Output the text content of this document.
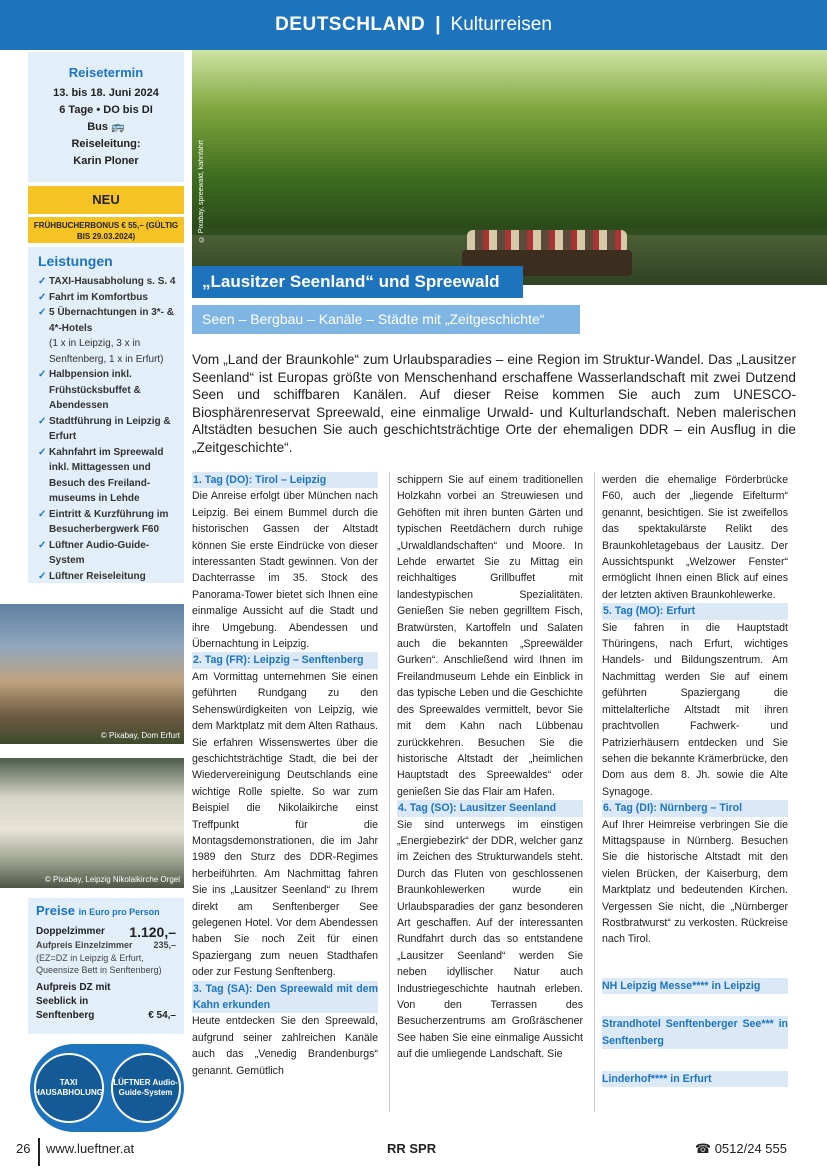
DEUTSCHLAND | Kulturreisen
Reisetermin
13. bis 18. Juni 2024
6 Tage • DO bis DI
Bus 🚌
Reiseleitung:
Karin Ploner
NEU
FRÜHBUCHERBONUS € 55,– (GÜLTIG BIS 29.03.2024)
Leistungen
✓ TAXI-Hausabholung s. S. 4
✓ Fahrt im Komfortbus
✓ 5 Übernachtungen in 3*- & 4*-Hotels
(1 x in Leipzig, 3 x in Senftenberg, 1 x in Erfurt)
✓ Halbpension inkl. Frühstücksbuffet & Abendessen
✓ Stadtführung in Leipzig & Erfurt
✓ Kahnfahrt im Spreewald inkl. Mittagessen und Besuch des Freilandmuseums in Lehde
✓ Eintritt & Kurzführung im Besucherbergwerk F60
✓ Lüftner Audio-Guide-System
✓ Lüftner Reiseleitung
© Pixabay, Dom Erfurt
© Pixabay, Leipzig Nikolaikirche Orgel
Preise in Euro pro Person
Doppelzimmer 1.120,–
Aufpreis Einzelzimmer 235,–
(EZ=DZ in Leipzig & Erfurt, Queensize Bett in Senftenberg)
Aufpreis DZ mit Seeblick in Senftenberg	€ 54,–
TAXI HAUSABHOLUNG
LÜFTNER Audio-Guide-System
© Pixabay, spreewald, kahnfahrt
„Lausitzer Seenland“ und Spreewald
Seen – Bergbau – Kanäle – Städte mit „Zeitgeschichte“

Vom „Land der Braunkohle“ zum Urlaubsparadies – eine Region im Struktur-Wandel. Das „Lausitzer Seenland“ ist Europas größte von Menschenhand erschaffene Wasserlandschaft mit zwei Dutzend Seen und schiffbaren Kanälen. Auf dieser Reise kommen Sie auch zum UNESCO-Biosphärenreservat Spreewald, eine einmalige Urwald- und Kulturlandschaft. Neben malerischen Altstädten besuchen Sie auch geschichtsträchtige Orte der ehemaligen DDR – ein Ausflug in die „Zeitgeschichte“.

1. Tag (DO): Tirol – Leipzig

Die Anreise erfolgt über München nach Leipzig. Bei einem Bummel durch die historischen Gassen der Altstadt können Sie erste Eindrücke von dieser interessanten Stadt gewinnen. Von der Dachterrasse im 35. Stock des Panorama-Tower bietet sich Ihnen eine einmalige Aussicht auf die Stadt und ihre Umgebung. Abendessen und Übernachtung in Leipzig.

2. Tag (FR): Leipzig – Senftenberg

Am Vormittag unternehmen Sie einen geführten Rundgang zu den Sehenswürdigkeiten von Leipzig, wie dem Marktplatz mit dem Alten Rathaus. Sie erfahren Wissenswertes über die geschichtsträchtige Stadt, die bei der Wiedervereinigung Deutschlands eine wichtige Rolle spielte. So war zum Beispiel die Nikolaikirche einst Treffpunkt für die Montagsdemonstrationen, die im Jahr 1989 den Sturz des DDR-Regimes herbeiführten. Am Nachmittag fahren Sie ins „Lausitzer Seenland“ zu Ihrem direkt am Senftenberger See gelegenen Hotel. Vor dem Abendessen haben Sie noch Zeit für einen Spaziergang zum neuen Stadthafen oder zur Festung Senftenberg.

3. Tag (SA): Den Spreewald mit dem Kahn erkunden

Heute entdecken Sie den Spreewald, aufgrund seiner zahlreichen Kanäle auch das „Venedig Brandenburgs“ genannt. Gemütlich

schippern Sie auf einem traditionellen Holzkahn vorbei an Streuwiesen und Gehöften mit ihren bunten Gärten und typischen Reetdächern durch ruhige „Urwaldlandschaften“ und Moore. In Lehde erwartet Sie zu Mittag ein reichhaltiges Grillbuffet mit landestypischen Spezialitäten. Genießen Sie neben gegrilltem Fisch, Bratwürsten, Kartoffeln und Salaten auch die bekannten „Spreewälder Gurken“. Anschließend wird Ihnen im Freilandmuseum Lehde ein Einblick in das typische Leben und die Geschichte des Spreewaldes vermittelt, bevor Sie mit dem Kahn nach Lübbenau zurückkehren. Besuchen Sie die historische Altstadt der „heimlichen Hauptstadt des Spreewaldes“ oder genießen Sie das Flair am Hafen.

4. Tag (SO): Lausitzer Seenland

Sie sind unterwegs im einstigen „Energiebezirk“ der DDR, welcher ganz im Zeichen des Strukturwandels steht. Durch das Fluten von geschlossenen Braunkohlewerken wurde ein Urlaubsparadies der ganz besonderen Art geschaffen. Auf der interessanten Rundfahrt durch das so entstandene „Lausitzer Seenland“ werden Sie neben idyllischer Natur auch Industriegeschichte hautnah erleben. Von den Terrassen des Besucherzentrums am Großräschener See haben Sie eine einmalige Aussicht auf die umliegende Landschaft. Sie

werden die ehemalige Förderbrücke F60, auch der „liegende Eifelturm“ genannt, besichtigen. Sie ist zweifellos das spektakulärste Relikt des Braunkohletagebaus der Lausitz. Der Aussichtspunkt „Welzower Fenster“ ermöglicht Ihnen einen Blick auf eines der letzten aktiven Braunkohlewerke.

5. Tag (MO): Erfurt

Sie fahren in die Hauptstadt Thüringens, nach Erfurt, wichtiges Handels- und Bildungszentrum. Am Nachmittag werden Sie auf einem geführten Spaziergang die mittelalterliche Altstadt mit ihren prachtvollen Fachwerk- und Patrizierhäusern entdecken und Sie sehen die bekannte Krämerbrücke, den Dom aus dem 8. Jh. sowie die Alte Synagoge.

6. Tag (DI): Nürnberg – Tirol

Auf Ihrer Heimreise verbringen Sie die Mittagspause in Nürnberg. Besuchen Sie die historische Altstadt mit den vielen Brücken, der Kaiserburg, dem Marktplatz und bedeutenden Kirchen. Vergessen Sie nicht, die „Nürnberger Rostbratwurst“ zu verkosten. Rückreise nach Tirol.

NH Leipzig Messe**** in Leipzig
Strandhotel Senftenberger See*** in Senftenberg
Linderhof**** in Erfurt
26 www.lueftner.at	RR SPR	☎ 0512/24 555
